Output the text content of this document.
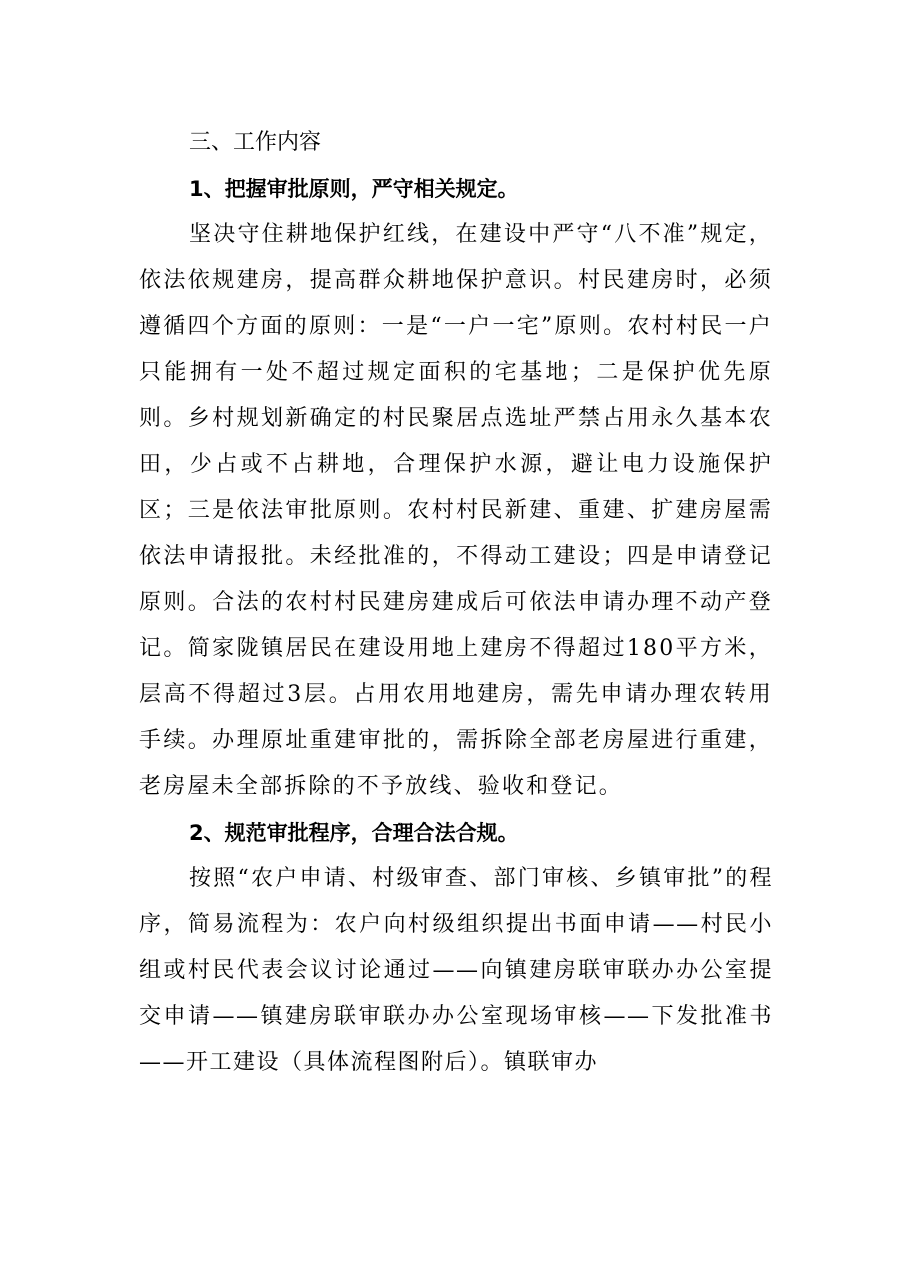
三、工作内容

1、把握审批原则，严守相关规定。

坚决守住耕地保护红线，在建设中严守“八不准”规定，依法依规建房，提高群众耕地保护意识。村民建房时，必须遵循四个方面的原则：一是“一户一宅”原则。农村村民一户只能拥有一处不超过规定面积的宅基地；二是保护优先原则。乡村规划新确定的村民聚居点选址严禁占用永久基本农田，少占或不占耕地，合理保护水源，避让电力设施保护区；三是依法审批原则。农村村民新建、重建、扩建房屋需依法申请报批。未经批准的，不得动工建设；四是申请登记原则。合法的农村村民建房建成后可依法申请办理不动产登记。简家陇镇居民在建设用地上建房不得超过180平方米，层高不得超过3层。占用农用地建房，需先申请办理农转用手续。办理原址重建审批的，需拆除全部老房屋进行重建，老房屋未全部拆除的不予放线、验收和登记。

2、规范审批程序，合理合法合规。

按照“农户申请、村级审查、部门审核、乡镇审批”的程序，简易流程为：农户向村级组织提出书面申请——村民小组或村民代表会议讨论通过——向镇建房联审联办办公室提交申请——镇建房联审联办办公室现场审核——下发批准书——开工建设（具体流程图附后）。镇联审办
